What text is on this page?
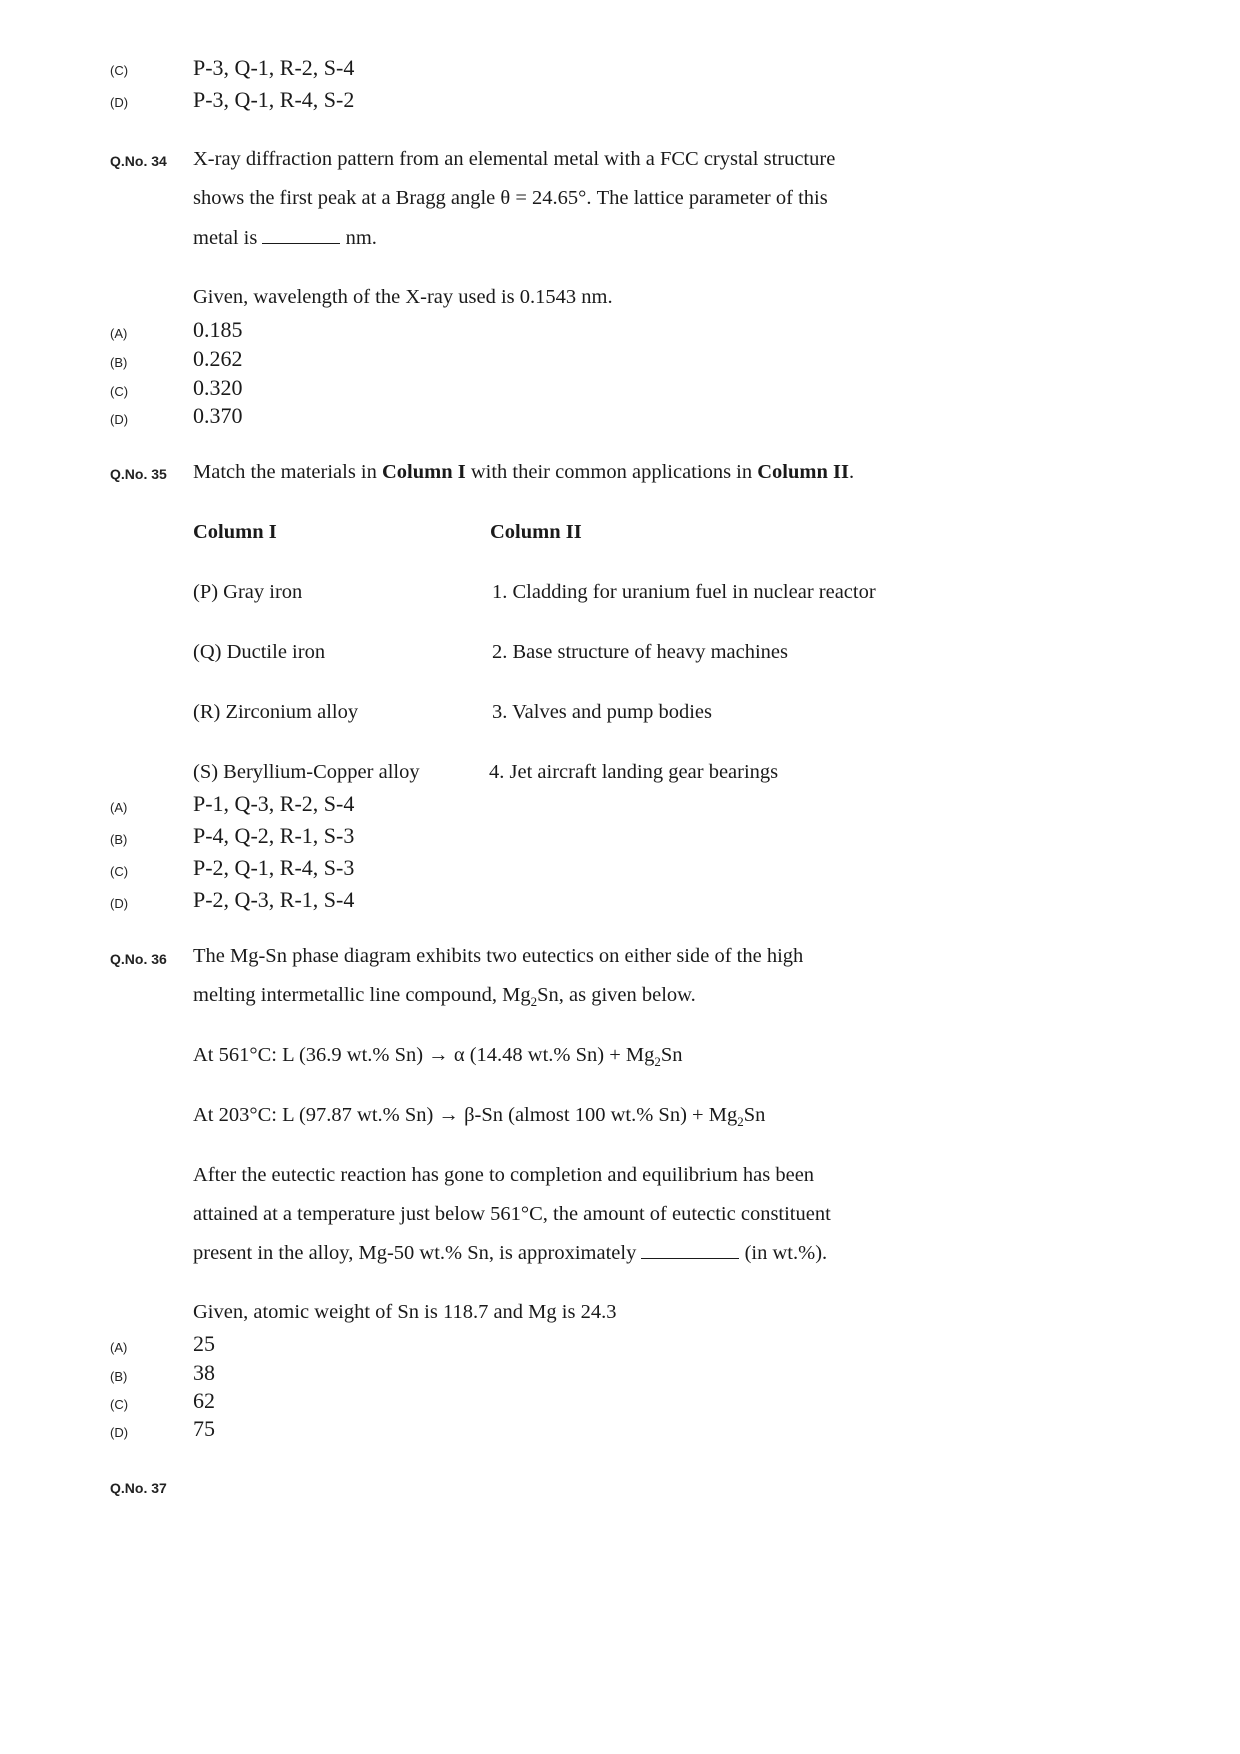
(C)	P-3, Q-1, R-2, S-4
(D)	P-3, Q-1, R-4, S-2
Q.No. 34 X-ray diffraction pattern from an elemental metal with a FCC crystal structure
shows the first peak at a Bragg angle θ = 24.65°. The lattice parameter of this
metal is	nm.
Given, wavelength of the X-ray used is 0.1543 nm.
(A)	0.185
(B)	0.262
(C)	0.320
(D)	0.370
Q.No. 35 Match the materials in Column I with their common applications in Column II.
Column I	Column II
(P) Gray iron	1. Cladding for uranium fuel in nuclear reactor
(Q) Ductile iron	2. Base structure of heavy machines
(R) Zirconium alloy	3. Valves and pump bodies
(S) Beryllium-Copper alloy	4. Jet aircraft landing gear bearings
(A)	P-1, Q-3, R-2, S-4
(B)	P-4, Q-2, R-1, S-3
(C)	P-2, Q-1, R-4, S-3
(D)	P-2, Q-3, R-1, S-4
Q.No. 36 The Mg-Sn phase diagram exhibits two eutectics on either side of the high
melting intermetallic line compound, $Mg_2Sn$, as given below.
At 561°C: L (36.9 wt.% Sn) → α (14.48 wt.% $Sn) + Mg_2Sn$
At 203°C: L (97.87 wt.% Sn) → β-Sn (almost 100 wt.% $Sn) + Mg_2Sn$
After the eutectic reaction has gone to completion and equilibrium has been
attained at a temperature just below 561°C, the amount of eutectic constituent
present in the alloy, Mg-50 wt.% Sn, is approximately	(in wt.%).
Given, atomic weight of Sn is 118.7 and Mg is 24.3
(A)	25
(B)	38
(C)	62
(D)	75
Q.No. 37
